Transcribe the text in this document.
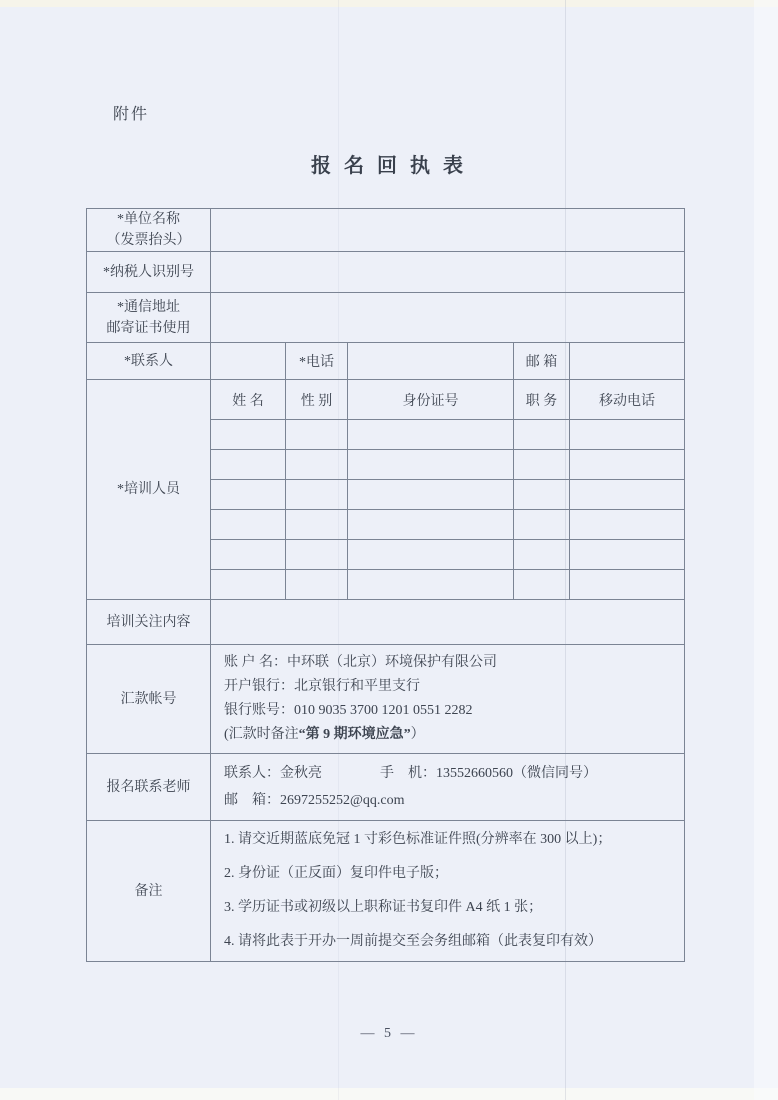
附件
报 名 回 执 表
*单位名称
（发票抬头）					

*纳税人识别号					

*通信地址
邮寄证书使用					

*联系人		*电话		邮 箱	
*培训人员	姓 名	性 别	身份证号	职 务	移动电话

培训关注内容					
汇款帐号	账 户 名：中环联（北京）环境保护有限公司
开户银行：北京银行和平里支行
银行账号：010 9035 3700 1201 0551 2282
(汇款时备注“第 9 期环境应急”）				

报名联系老师	联系人：金秋亮 手　机：13552660560（微信同号）
邮　箱：2697255252@qq.com				

备注	1. 请交近期蓝底免冠 1 寸彩色标准证件照(分辨率在 300 以上)；
2. 身份证（正反面）复印件电子版；
3. 学历证书或初级以上职称证书复印件 A4 纸 1 张；
4. 请将此表于开办一周前提交至会务组邮箱（此表复印有效）				
— 5 —
